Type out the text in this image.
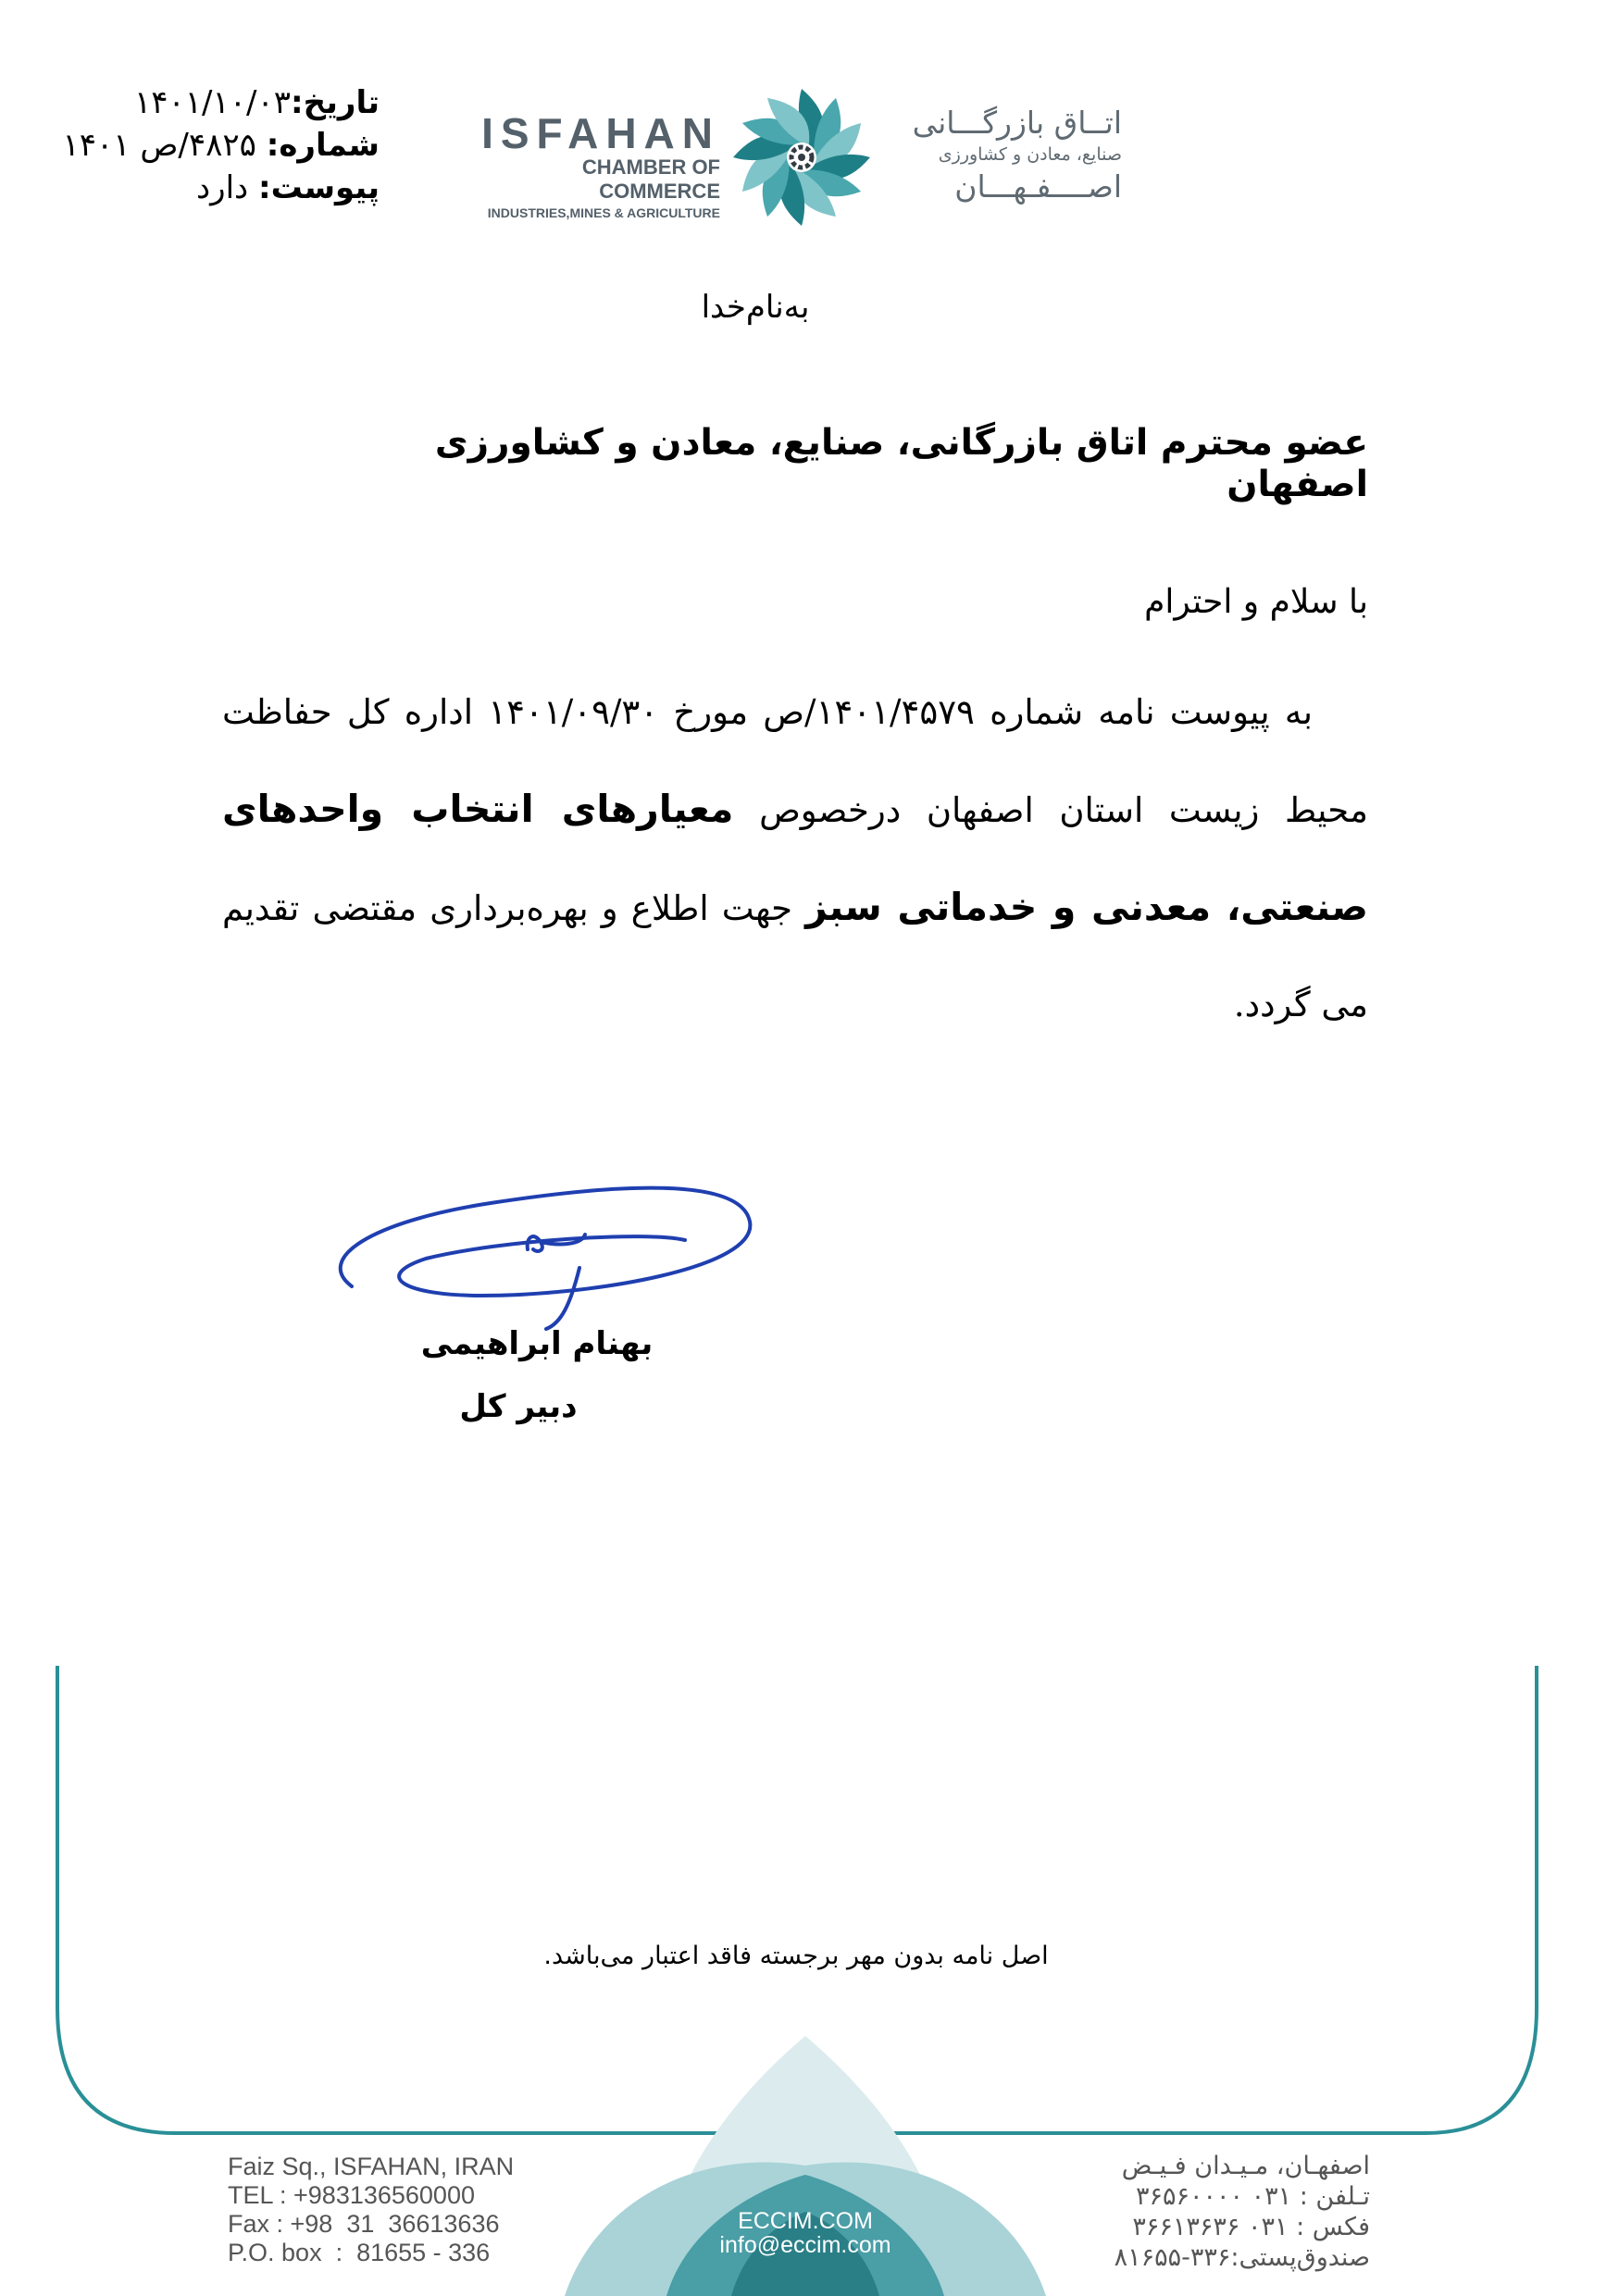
تاریخ:۱۴۰۱/۱۰/۰۳
شماره: ۴۸۲۵/ص ۱۴۰۱
پیوست: دارد
ISFAHAN
CHAMBER OF COMMERCE
INDUSTRIES,MINES & AGRICULTURE
اتــاق بازرگـــانی
صنایع، معادن و کشاورزی
اصــــفـهـــان
به‌نام‌خدا
عضو محترم اتاق بازرگانی، صنایع، معادن و کشاورزی اصفهان
با سلام و احترام
به پیوست نامه شماره ۱۴۰۱/۴۵۷۹/ص مورخ ۱۴۰۱/۰۹/۳۰ اداره کل حفاظت محیط زیست استان اصفهان درخصوص معیارهای انتخاب واحدهای صنعتی، معدنی و خدماتی سبز جهت اطلاع و بهره‌برداری مقتضی تقدیم می گردد.
بهنام ابراهیمی
دبیر کل
اصل نامه بدون مهر برجسته فاقد اعتبار می‌باشد.
ECCIM.COM
info@eccim.com
Faiz Sq., ISFAHAN, IRAN
TEL : +983136560000
Fax : +98  31  36613636
P.O. box  :  81655 - 336
اصفهـان، مـیـدان فـیـض
تـلفن : ۰۳۱ ۳۶۵۶۰۰۰۰
فکس : ۰۳۱ ۳۶۶۱۳۶۳۶
صندوق‌پستی:۳۳۶-۸۱۶۵۵
